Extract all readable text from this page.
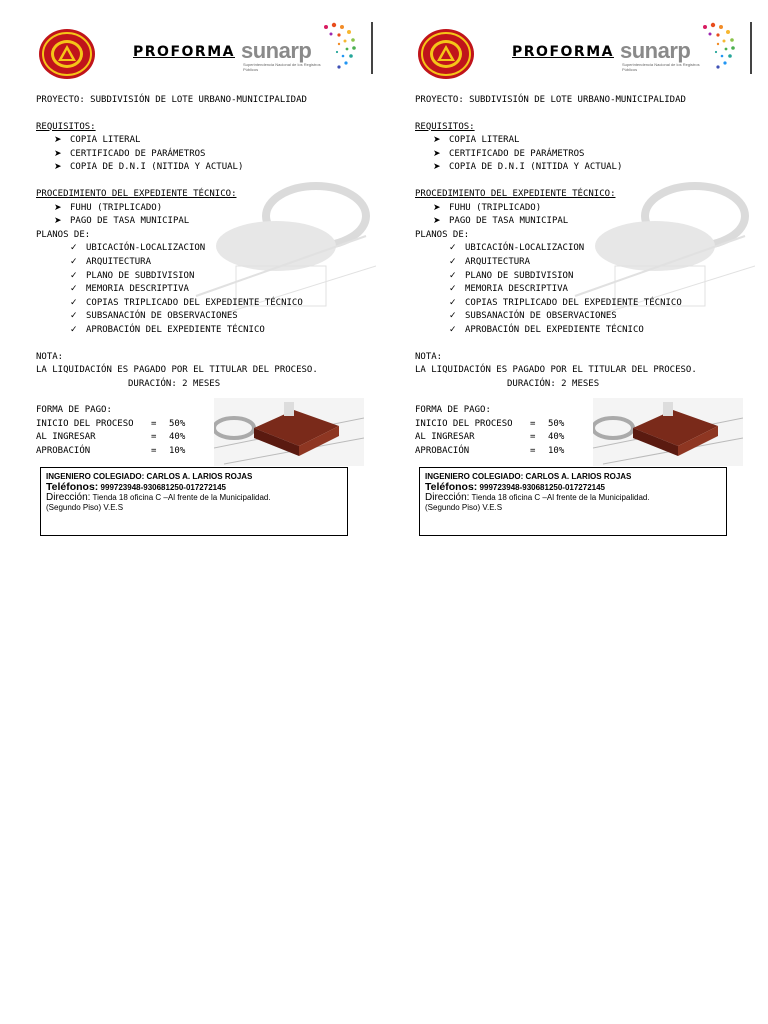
PROFORMA sunarp
Superintendencia Nacional de los Registros Públicos
PROYECTO: SUBDIVISIÓN DE LOTE URBANO-MUNICIPALIDAD
REQUISITOS:
➤ COPIA LITERAL
➤ CERTIFICADO DE PARÁMETROS
➤ COPIA DE D.N.I (NITIDA Y ACTUAL)
PROCEDIMIENTO DEL EXPEDIENTE TÉCNICO:
➤ FUHU (TRIPLICADO)
➤ PAGO DE TASA MUNICIPAL
PLANOS DE:
✓ UBICACIÓN-LOCALIZACION
✓ ARQUITECTURA
✓ PLANO DE SUBDIVISION
✓ MEMORIA DESCRIPTIVA
✓ COPIAS TRIPLICADO DEL EXPEDIENTE TÉCNICO
✓ SUBSANACIÓN DE OBSERVACIONES
✓ APROBACIÓN DEL EXPEDIENTE TÉCNICO
NOTA:
LA LIQUIDACIÓN ES PAGADO POR EL TITULAR DEL PROCESO.
DURACIÓN: 2 MESES
FORMA DE PAGO:
INICIO DEL PROCESO = 50%
AL INGRESAR	= 40%
APROBACIÓN	= 10%
INGENIERO COLEGIADO: CARLOS A. LARIOS ROJAS
Teléfonos: 999723948-930681250-017272145
Dirección: Tienda 18 oficina C –Al frente de la Municipalidad.
(Segundo Piso) V.E.S
PROFORMA sunarp
Superintendencia Nacional de los Registros Públicos
PROYECTO: SUBDIVISIÓN DE LOTE URBANO-MUNICIPALIDAD
REQUISITOS:
➤ COPIA LITERAL
➤ CERTIFICADO DE PARÁMETROS
➤ COPIA DE D.N.I (NITIDA Y ACTUAL)
PROCEDIMIENTO DEL EXPEDIENTE TÉCNICO:
➤ FUHU (TRIPLICADO)
➤ PAGO DE TASA MUNICIPAL
PLANOS DE:
✓ UBICACIÓN-LOCALIZACION
✓ ARQUITECTURA
✓ PLANO DE SUBDIVISION
✓ MEMORIA DESCRIPTIVA
✓ COPIAS TRIPLICADO DEL EXPEDIENTE TÉCNICO
✓ SUBSANACIÓN DE OBSERVACIONES
✓ APROBACIÓN DEL EXPEDIENTE TÉCNICO
NOTA:
LA LIQUIDACIÓN ES PAGADO POR EL TITULAR DEL PROCESO.
DURACIÓN: 2 MESES
FORMA DE PAGO:
INICIO DEL PROCESO = 50%
AL INGRESAR	= 40%
APROBACIÓN	= 10%
INGENIERO COLEGIADO: CARLOS A. LARIOS ROJAS
Teléfonos: 999723948-930681250-017272145
Dirección: Tienda 18 oficina C –Al frente de la Municipalidad.
(Segundo Piso) V.E.S
